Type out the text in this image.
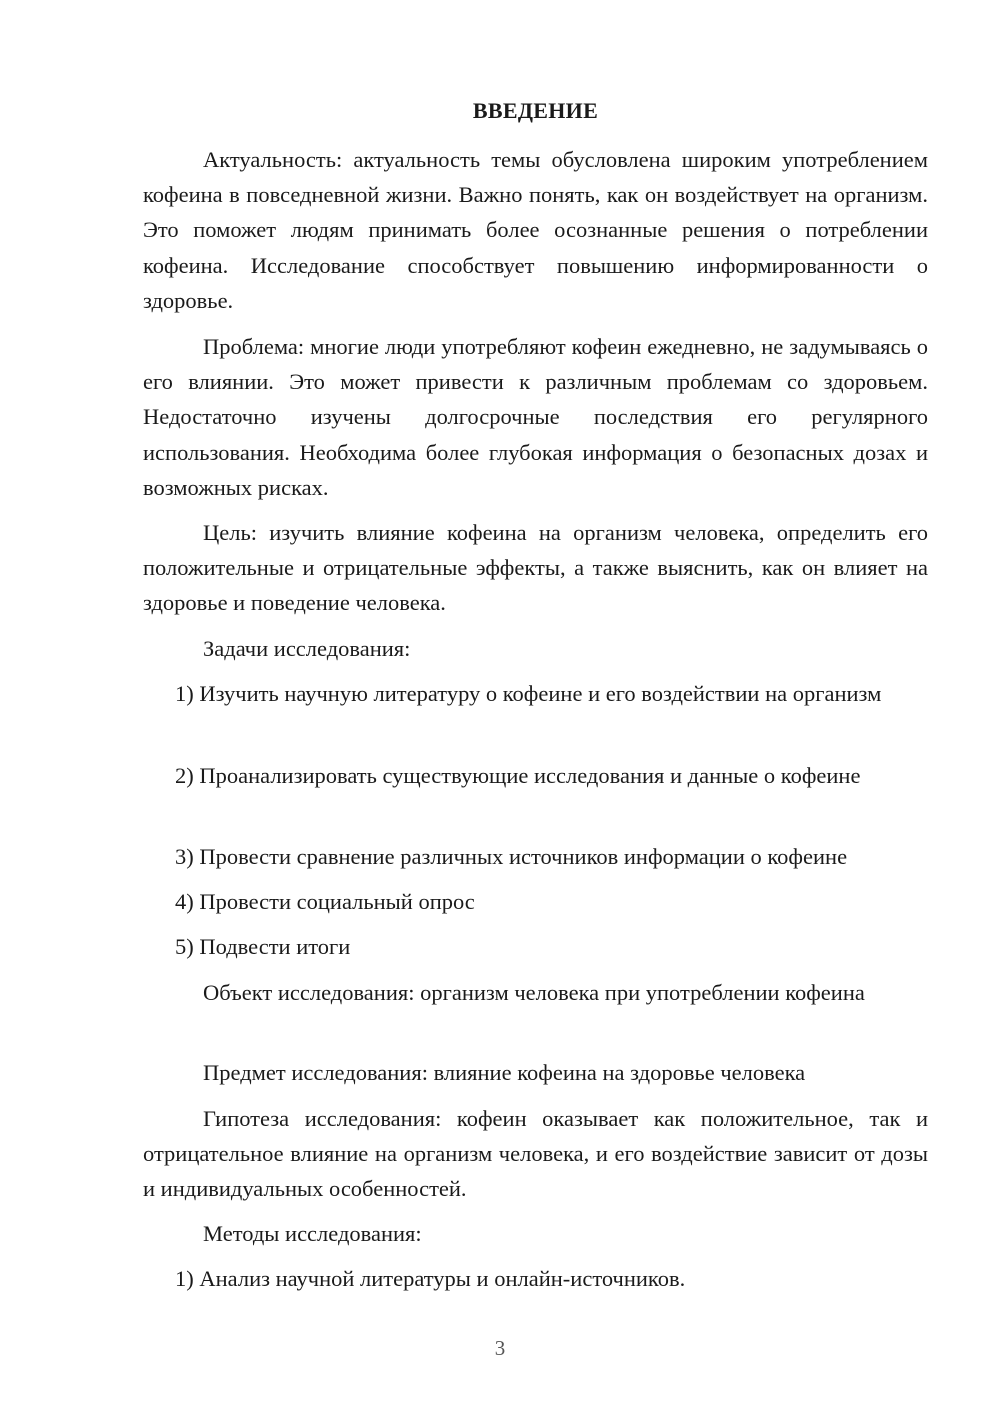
ВВЕДЕНИЕ

Актуальность: актуальность темы обусловлена широким употреблением кофеина в повседневной жизни. Важно понять, как он воздействует на организм. Это поможет людям принимать более осознанные решения о потреблении кофеина. Исследование способствует повышению информированности о здоровье.

Проблема: многие люди употребляют кофеин ежедневно, не задумываясь о его влиянии. Это может привести к различным проблемам со здоровьем. Недостаточно изучены долгосрочные последствия его регулярного использования. Необходима более глубокая информация о безопасных дозах и возможных рисках.

Цель: изучить влияние кофеина на организм человека, определить его положительные и отрицательные эффекты, а также выяснить, как он влияет на здоровье и поведение человека.

Задачи исследования:

1) Изучить научную литературу о кофеине и его воздействии на организм

2) Проанализировать существующие исследования и данные о кофеине

3) Провести сравнение различных источников информации о кофеине

4) Провести социальный опрос

5) Подвести итоги

Объект исследования: организм человека при употреблении кофеина

Предмет исследования: влияние кофеина на здоровье человека

Гипотеза исследования: кофеин оказывает как положительное, так и отрицательное влияние на организм человека, и его воздействие зависит от дозы и индивидуальных особенностей.

Методы исследования:

1) Анализ научной литературы и онлайн-источников.

3
